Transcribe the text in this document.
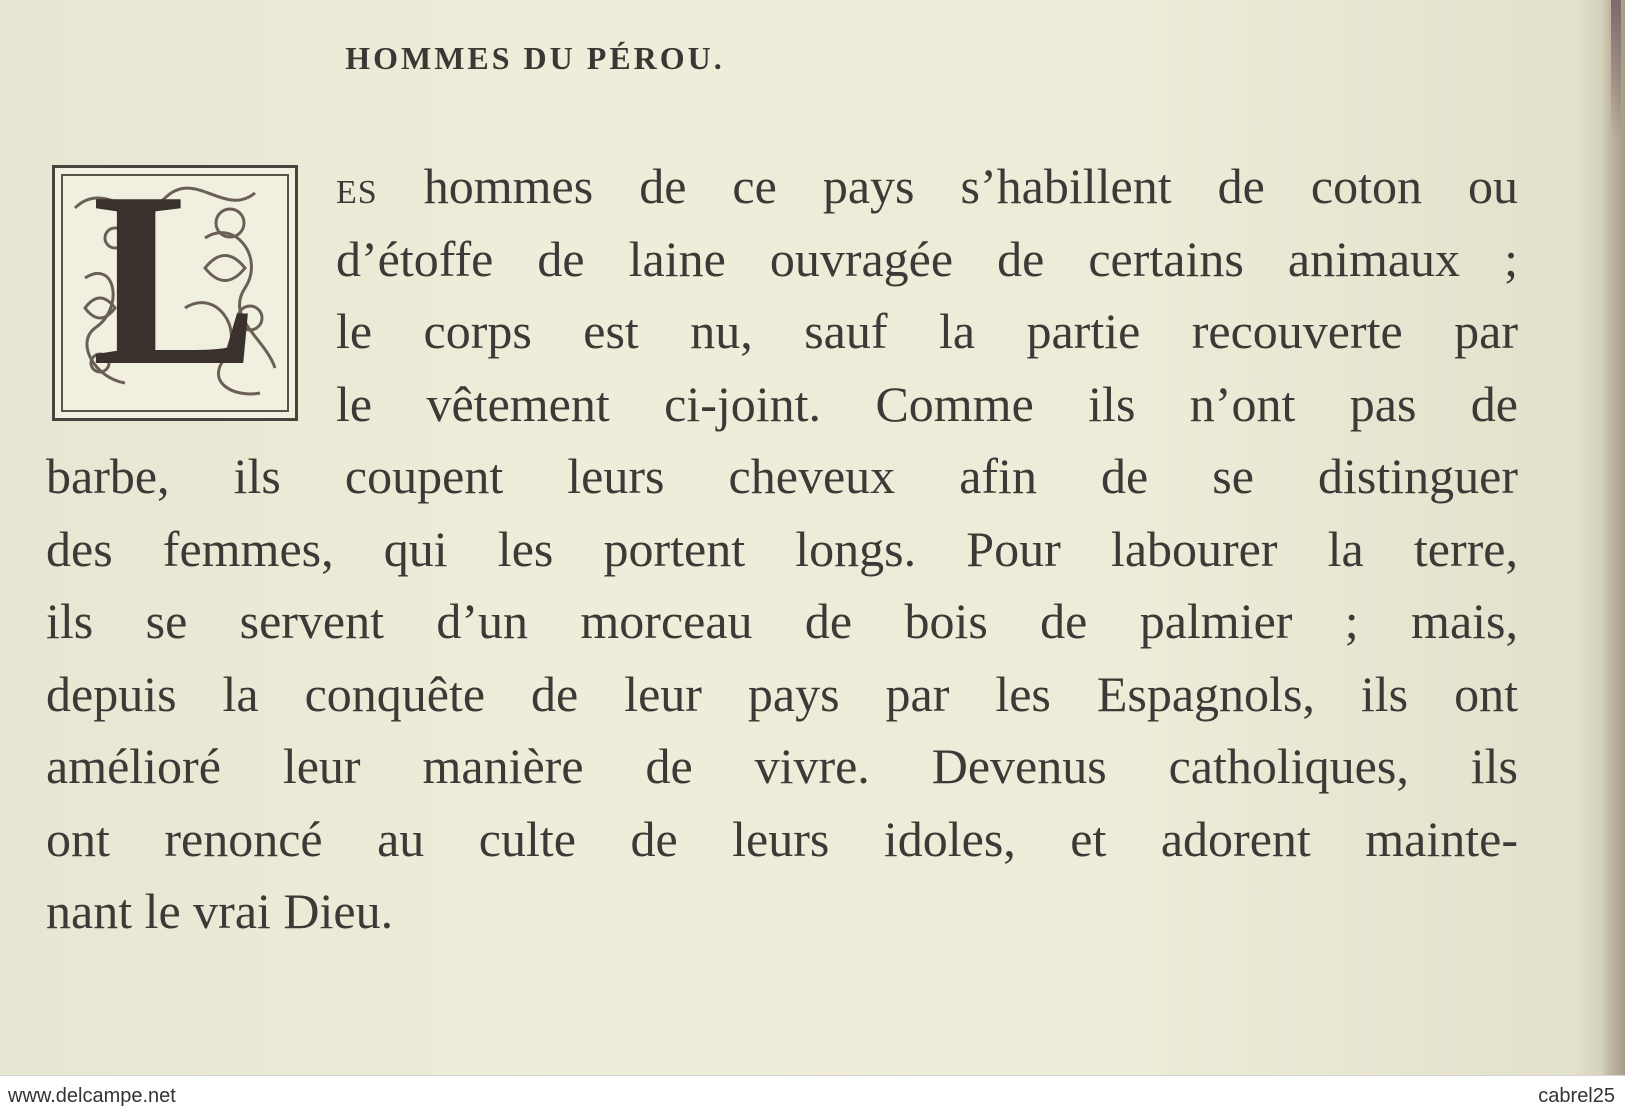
HOMMES DU PÉROU.
L	ES hommes de ce pays s’habillent de coton ou
d’étoffe de laine ouvragée de certains animaux ;
le corps est nu, sauf la partie recouverte par
le vêtement ci-joint. Comme ils n’ont pas de
barbe, ils coupent leurs cheveux afin de se distinguer
des femmes, qui les portent longs. Pour labourer la terre,
ils se servent d’un morceau de bois de palmier ; mais,
depuis la conquête de leur pays par les Espagnols, ils ont
amélioré leur manière de vivre. Devenus catholiques, ils
ont renoncé au culte de leurs idoles, et adorent mainte-
nant le vrai Dieu.
www.delcampe.net	cabrel25
